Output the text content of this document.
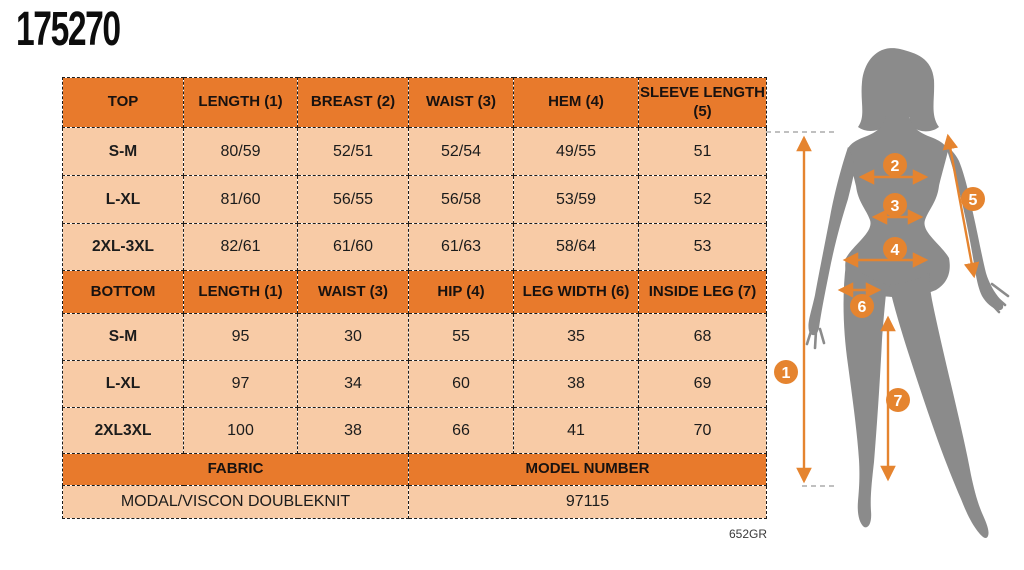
175270
TOP	LENGTH (1)	BREAST (2)	WAIST (3)	HEM (4)	SLEEVE LENGTH (5)
S-M	80/59	52/51	52/54	49/55	51
L-XL	81/60	56/55	56/58	53/59	52
2XL-3XL	82/61	61/60	61/63	58/64	53
BOTTOM	LENGTH (1)	WAIST (3)	HIP (4)	LEG WIDTH (6)	INSIDE LEG (7)
S-M	95	30	55	35	68
L-XL	97	34	60	38	69
2XL3XL	100	38	66	41	70
FABRIC			MODEL NUMBER		
MODAL/VISCON DOUBLEKNIT			97115		
652GR
1
2
3
4
5
6
7
